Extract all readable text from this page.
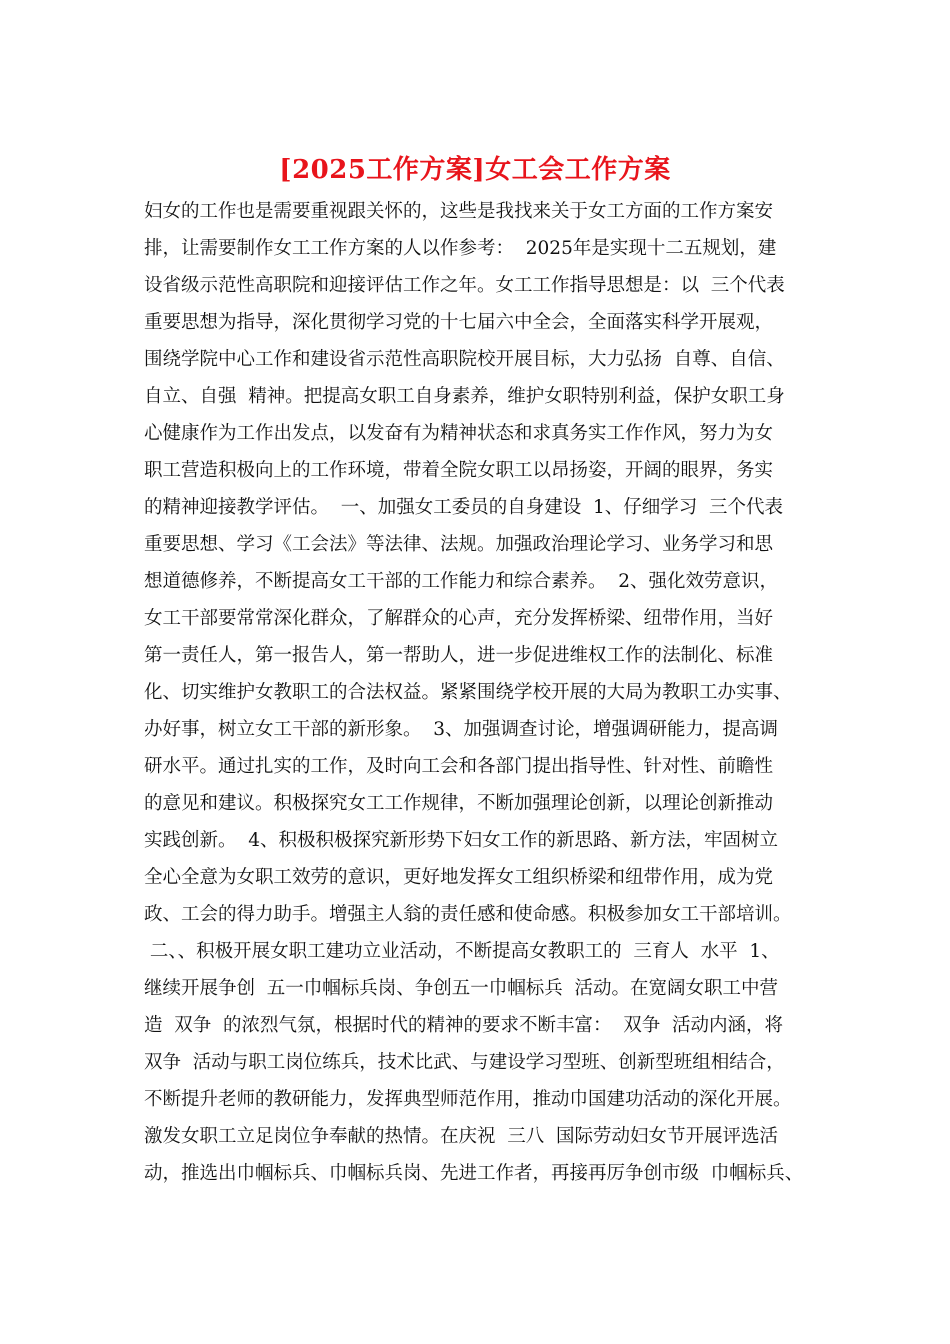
[2025工作方案]女工会工作方案
妇女的工作也是需要重视跟关怀的，这些是我找来关于女工方面的工作方案安
排，让需要制作女工工作方案的人以作参考：  2025年是实现十二五规划，建
设省级示范性高职院和迎接评估工作之年。女工工作指导思想是：以  三个代表
重要思想为指导，深化贯彻学习党的十七届六中全会，全面落实科学开展观，
围绕学院中心工作和建设省示范性高职院校开展目标，大力弘扬  自尊、自信、
自立、自强  精神。把提高女职工自身素养，维护女职特别利益，保护女职工身
心健康作为工作出发点，以发奋有为精神状态和求真务实工作作风，努力为女
职工营造积极向上的工作环境，带着全院女职工以昂扬姿，开阔的眼界，务实
的精神迎接教学评估。  一、加强女工委员的自身建设  1、仔细学习  三个代表
重要思想、学习《工会法》等法律、法规。加强政治理论学习、业务学习和思
想道德修养，不断提高女工干部的工作能力和综合素养。  2、强化效劳意识，
女工干部要常常深化群众，了解群众的心声，充分发挥桥梁、纽带作用，当好
第一责任人，第一报告人，第一帮助人，进一步促进维权工作的法制化、标准
化、切实维护女教职工的合法权益。紧紧围绕学校开展的大局为教职工办实事、
办好事，树立女工干部的新形象。  3、加强调查讨论，增强调研能力，提高调
研水平。通过扎实的工作，及时向工会和各部门提出指导性、针对性、前瞻性
的意见和建议。积极探究女工工作规律，不断加强理论创新，以理论创新推动
实践创新。  4、积极积极探究新形势下妇女工作的新思路、新方法，牢固树立
全心全意为女职工效劳的意识，更好地发挥女工组织桥梁和纽带作用，成为党
政、工会的得力助手。增强主人翁的责任感和使命感。积极参加女工干部培训。
二、、积极开展女职工建功立业活动，不断提高女教职工的  三育人  水平  1、
继续开展争创  五一巾帼标兵岗、争创五一巾帼标兵  活动。在宽阔女职工中营
造  双争  的浓烈气氛，根据时代的精神的要求不断丰富：  双争  活动内涵，将
双争  活动与职工岗位练兵，技术比武、与建设学习型班、创新型班组相结合，
不断提升老师的教研能力，发挥典型师范作用，推动巾国建功活动的深化开展。
激发女职工立足岗位争奉献的热情。在庆祝  三八  国际劳动妇女节开展评选活
动，推选出巾帼标兵、巾帼标兵岗、先进工作者，再接再厉争创市级  巾帼标兵、
